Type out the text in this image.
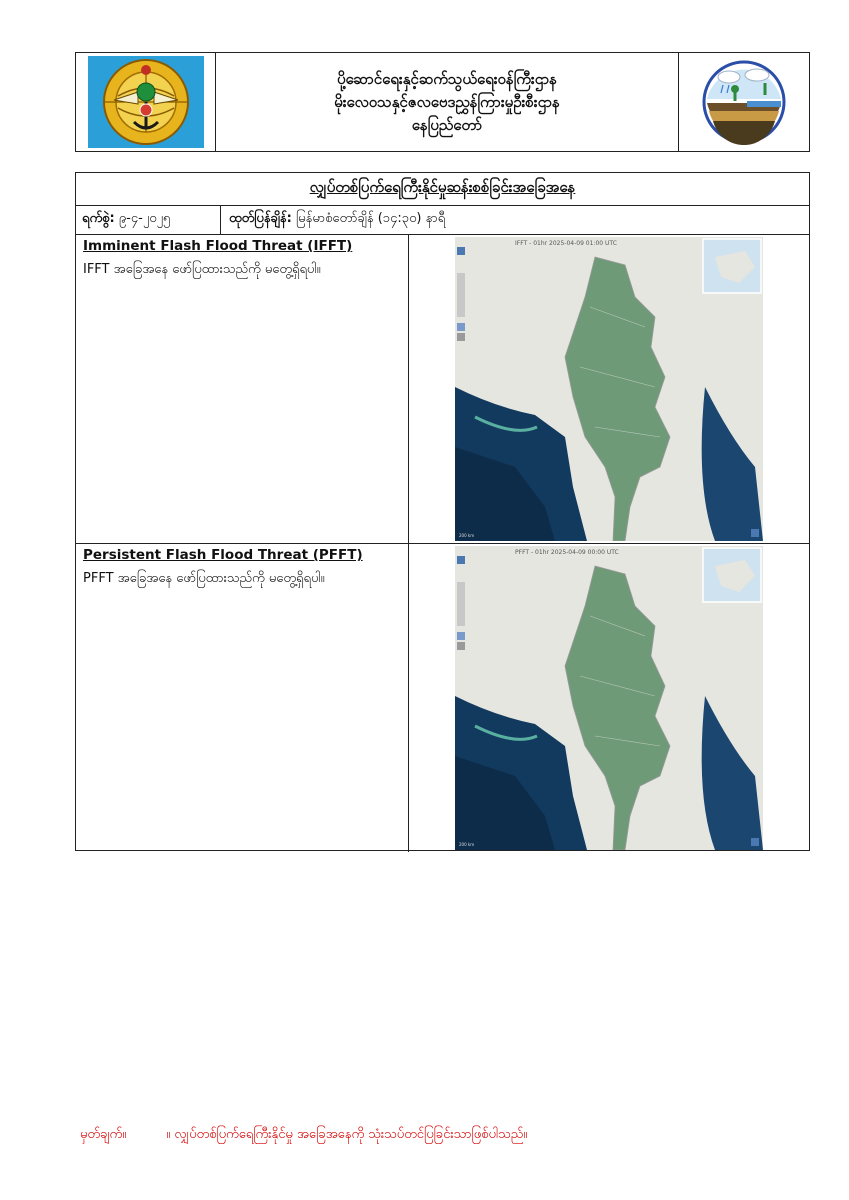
ပို့ဆောင်ရေးနှင့်ဆက်သွယ်ရေးဝန်ကြီးဌာန
မိုးလေဝသနှင့်ဇလဗေဒညွှန်ကြားမှုဦးစီးဌာန
နေပြည်တော်
လျှပ်တစ်ပြက်ရေကြီးနိုင်မှုဆန်းစစ်ခြင်းအခြေအနေ
ရက်စွဲ: ၉-၄-၂၀၂၅	ထုတ်ပြန်ချိန်: မြန်မာစံတော်ချိန် (၁၄:၃၀) နာရီ
Imminent Flash Flood Threat (IFFT)
IFFT အခြေအနေ ဖော်ပြထားသည်ကို မတွေ့ရှိရပါ။
IFFT - 01hr 2025-04-09 01:00 UTC
200 km
Persistent Flash Flood Threat (PFFT)
PFFT အခြေအနေ ဖော်ပြထားသည်ကို မတွေ့ရှိရပါ။
PFFT - 01hr 2025-04-09 00:00 UTC
200 km
မှတ်ချက်။	။ လျှပ်တစ်ပြက်ရေကြီးနိုင်မှု အခြေအနေကို သုံးသပ်တင်ပြခြင်းသာဖြစ်ပါသည်။
